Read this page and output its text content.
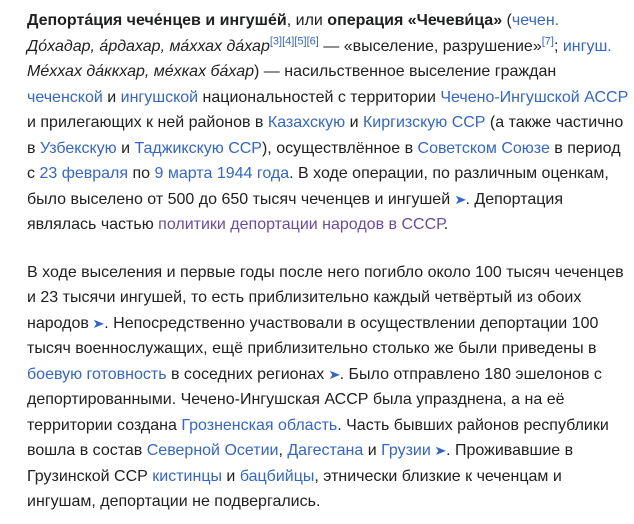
Депорта́ция чече́нцев и ингуше́й, или операция «Чечеви́ца» (чечен.
До́хадар, а́рдахар, ма́ххах да́хар[3][4][5][6] — «выселение, разрушение»[7]; ингуш.
Ме́ххах да́ккхар, ме́хках ба́хар) — насильственное выселение граждан
чеченской и ингушской национальностей с территории Чечено-Ингушской АССР
и прилегающих к ней районов в Казахскую и Киргизскую ССР (а также частично
в Узбекскую и Таджикскую ССР), осуществлённое в Советском Союзе в период
с 23 февраля по 9 марта 1944 года. В ходе операции, по различным оценкам,
было выселено от 500 до 650 тысяч чеченцев и ингушей ➤. Депортация
являлась частью политики депортации народов в СССР.

В ходе выселения и первые годы после него погибло около 100 тысяч чеченцев
и 23 тысячи ингушей, то есть приблизительно каждый четвёртый из обоих
народов ➤. Непосредственно участвовали в осуществлении депортации 100
тысяч военнослужащих, ещё приблизительно столько же были приведены в
боевую готовность в соседних регионах ➤. Было отправлено 180 эшелонов с
депортированными. Чечено-Ингушская АССР была упразднена, а на её
территории создана Грозненская область. Часть бывших районов республики
вошла в состав Северной Осетии, Дагестана и Грузии ➤. Проживавшие в
Грузинской ССР кистинцы и бацбийцы, этнически близкие к чеченцам и
ингушам, депортации не подвергались.
